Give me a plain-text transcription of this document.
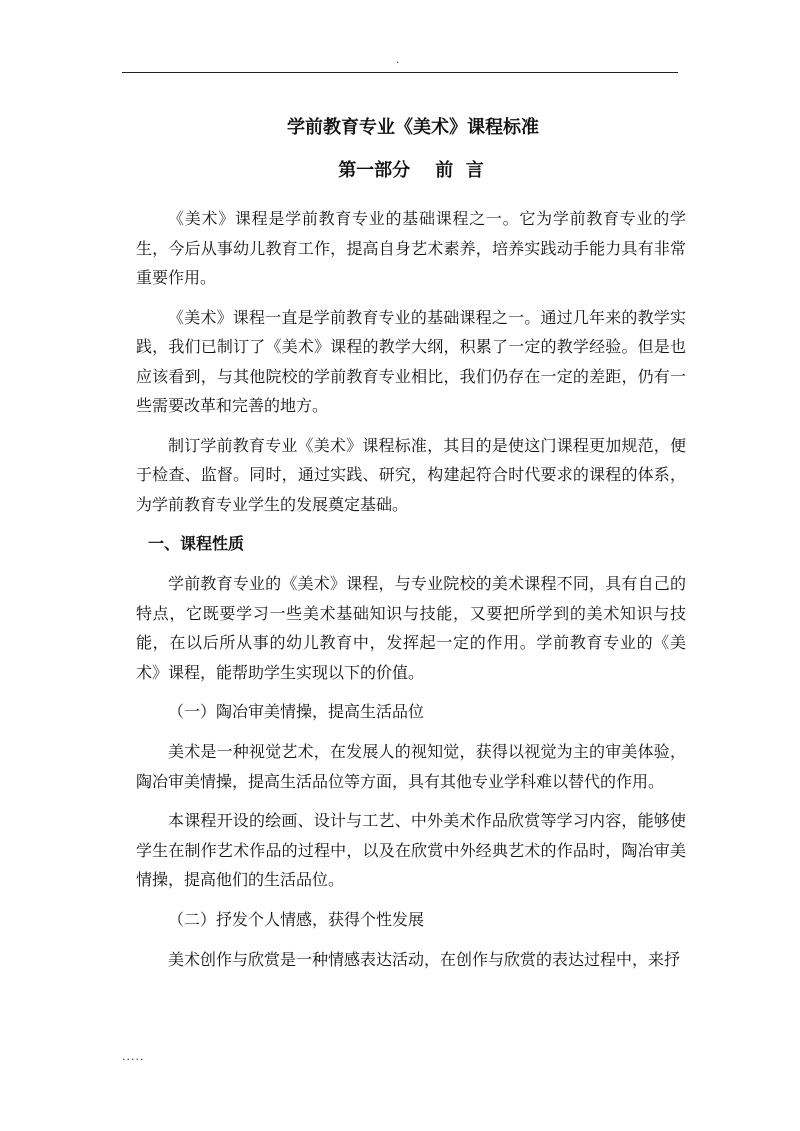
.
学前教育专业《美术》课程标准
第一部分    前  言

《美术》课程是学前教育专业的基础课程之一。它为学前教育专业的学生，今后从事幼儿教育工作，提高自身艺术素养，培养实践动手能力具有非常重要作用。

《美术》课程一直是学前教育专业的基础课程之一。通过几年来的教学实践，我们已制订了《美术》课程的教学大纲，积累了一定的教学经验。但是也应该看到，与其他院校的学前教育专业相比，我们仍存在一定的差距，仍有一些需要改革和完善的地方。

制订学前教育专业《美术》课程标准，其目的是使这门课程更加规范，便于检查、监督。同时，通过实践、研究，构建起符合时代要求的课程的体系，为学前教育专业学生的发展奠定基础。

一、课程性质

学前教育专业的《美术》课程，与专业院校的美术课程不同，具有自己的特点，它既要学习一些美术基础知识与技能，又要把所学到的美术知识与技能，在以后所从事的幼儿教育中，发挥起一定的作用。学前教育专业的《美术》课程，能帮助学生实现以下的价值。

（一）陶冶审美情操，提高生活品位

美术是一种视觉艺术，在发展人的视知觉，获得以视觉为主的审美体验，陶冶审美情操，提高生活品位等方面，具有其他专业学科难以替代的作用。

本课程开设的绘画、设计与工艺、中外美术作品欣赏等学习内容，能够使学生在制作艺术作品的过程中，以及在欣赏中外经典艺术的作品时，陶冶审美情操，提高他们的生活品位。

（二）抒发个人情感，获得个性发展

美术创作与欣赏是一种情感表达活动，在创作与欣赏的表达过程中，来抒

.....
